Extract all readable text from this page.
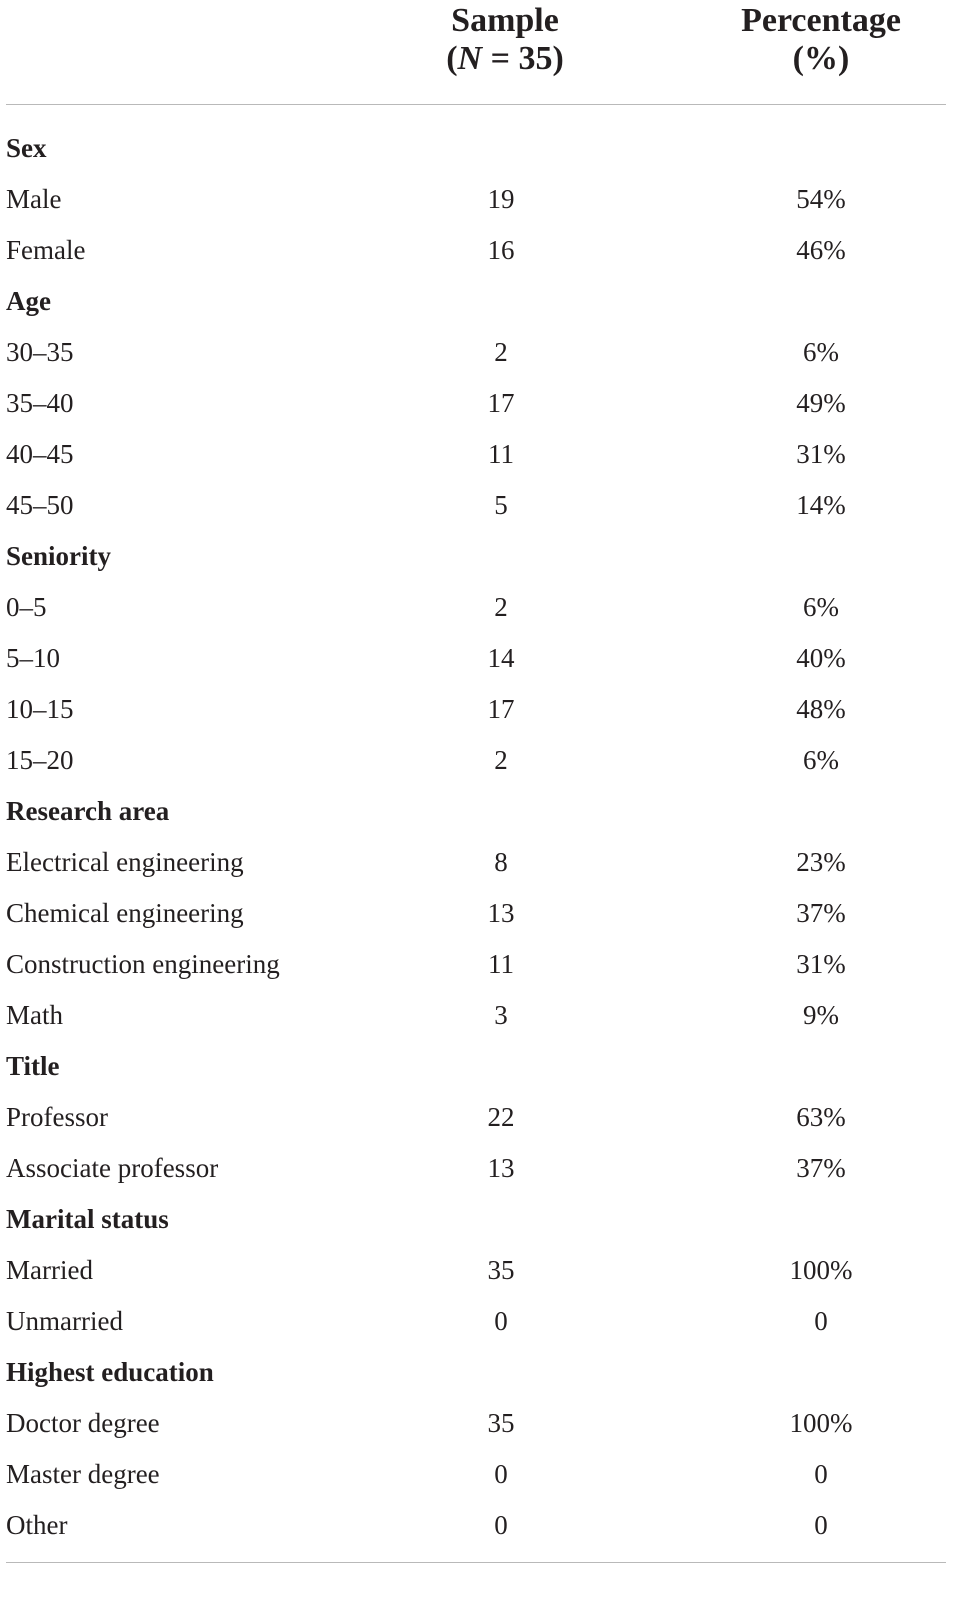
Sample
(N = 35)
Percentage
(%)
Sex
Male	19	54%
Female	16	46%
Age
30–35	2	6%
35–40	17	49%
40–45	11	31%
45–50	5	14%
Seniority
0–5	2	6%
5–10	14	40%
10–15	17	48%
15–20	2	6%
Research area
Electrical engineering	8	23%
Chemical engineering	13	37%
Construction engineering	11	31%
Math	3	9%
Title
Professor	22	63%
Associate professor	13	37%
Marital status
Married	35	100%
Unmarried	0	0
Highest education
Doctor degree	35	100%
Master degree	0	0
Other	0	0
